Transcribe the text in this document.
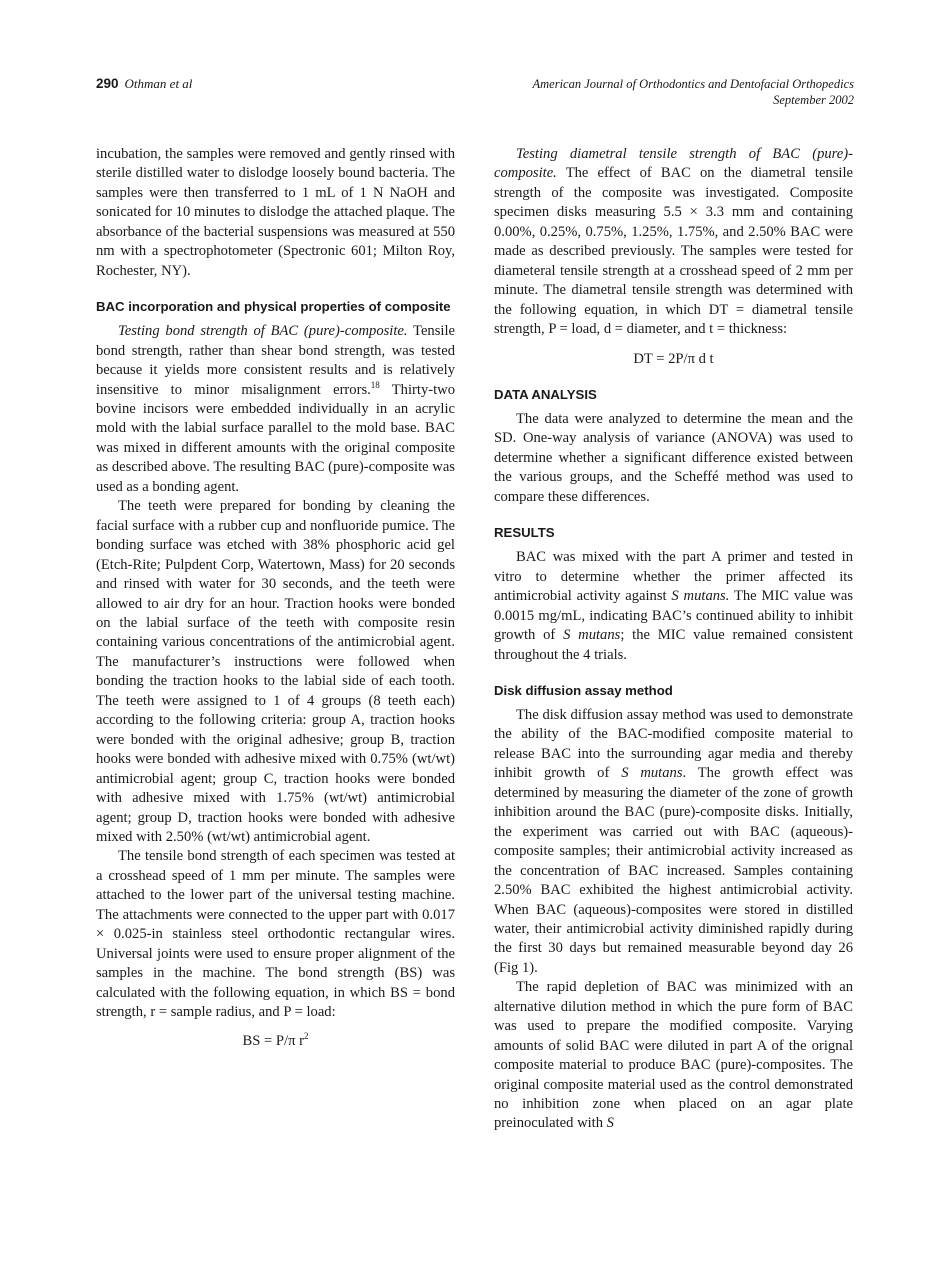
290 Othman et al	American Journal of Orthodontics and Dentofacial Orthopedics
September 2002

incubation, the samples were removed and gently rinsed with sterile distilled water to dislodge loosely bound bacteria. The samples were then transferred to 1 mL of 1 N NaOH and sonicated for 10 minutes to dislodge the attached plaque. The absorbance of the bacterial suspensions was measured at 550 nm with a spectrophotometer (Spectronic 601; Milton Roy, Rochester, NY).

BAC incorporation and physical properties of composite

Testing bond strength of BAC (pure)-composite. Tensile bond strength, rather than shear bond strength, was tested because it yields more consistent results and is relatively insensitive to minor misalignment errors.$^{18}$ Thirty-two bovine incisors were embedded individually in an acrylic mold with the labial surface parallel to the mold base. BAC was mixed in different amounts with the original composite as described above. The resulting BAC (pure)-composite was used as a bonding agent.

The teeth were prepared for bonding by cleaning the facial surface with a rubber cup and nonfluoride pumice. The bonding surface was etched with 38% phosphoric acid gel (Etch-Rite; Pulpdent Corp, Watertown, Mass) for 20 seconds and rinsed with water for 30 seconds, and the teeth were allowed to air dry for an hour. Traction hooks were bonded on the labial surface of the teeth with composite resin containing various concentrations of the antimicrobial agent. The manufacturer’s instructions were followed when bonding the traction hooks to the labial side of each tooth. The teeth were assigned to 1 of 4 groups (8 teeth each) according to the following criteria: group A, traction hooks were bonded with the original adhesive; group B, traction hooks were bonded with adhesive mixed with 0.75% (wt/wt) antimicrobial agent; group C, traction hooks were bonded with adhesive mixed with 1.75% (wt/wt) antimicrobial agent; group D, traction hooks were bonded with adhesive mixed with 2.50% (wt/wt) antimicrobial agent.

The tensile bond strength of each specimen was tested at a crosshead speed of 1 mm per minute. The samples were attached to the lower part of the universal testing machine. The attachments were connected to the upper part with 0.017 × 0.025-in stainless steel orthodontic rectangular wires. Universal joints were used to ensure proper alignment of the samples in the machine. The bond strength (BS) was calculated with the following equation, in which BS = bond strength, r = sample radius, and P = load:

BS = P/π $r^2$

Testing diametral tensile strength of BAC (pure)-composite. The effect of BAC on the diametral tensile strength of the composite was investigated. Composite specimen disks measuring 5.5 × 3.3 mm and containing 0.00%, 0.25%, 0.75%, 1.25%, 1.75%, and 2.50% BAC were made as described previously. The samples were tested for diameteral tensile strength at a crosshead speed of 2 mm per minute. The diametral tensile strength was determined with the following equation, in which DT = diametral tensile strength, P = load, d = diameter, and t = thickness:

DT = 2P/π d t
DATA ANALYSIS

The data were analyzed to determine the mean and the SD. One-way analysis of variance (ANOVA) was used to determine whether a significant difference existed between the various groups, and the Scheffé method was used to compare these differences.

RESULTS

BAC was mixed with the part A primer and tested in vitro to determine whether the primer affected its antimicrobial activity against S mutans. The MIC value was 0.0015 mg/mL, indicating BAC’s continued ability to inhibit growth of S mutans; the MIC value remained consistent throughout the 4 trials.

Disk diffusion assay method

The disk diffusion assay method was used to demonstrate the ability of the BAC-modified composite material to release BAC into the surrounding agar media and thereby inhibit growth of S mutans. The growth effect was determined by measuring the diameter of the zone of growth inhibition around the BAC (pure)-composite disks. Initially, the experiment was carried out with BAC (aqueous)-composite samples; their antimicrobial activity increased as the concentration of BAC increased. Samples containing 2.50% BAC exhibited the highest antimicrobial activity. When BAC (aqueous)-composites were stored in distilled water, their antimicrobial activity diminished rapidly during the first 30 days but remained measurable beyond day 26 (Fig 1).

The rapid depletion of BAC was minimized with an alternative dilution method in which the pure form of BAC was used to prepare the modified composite. Varying amounts of solid BAC were diluted in part A of the orignal composite material to produce BAC (pure)-composites. The original composite material used as the control demonstrated no inhibition zone when placed on an agar plate preinoculated with S
